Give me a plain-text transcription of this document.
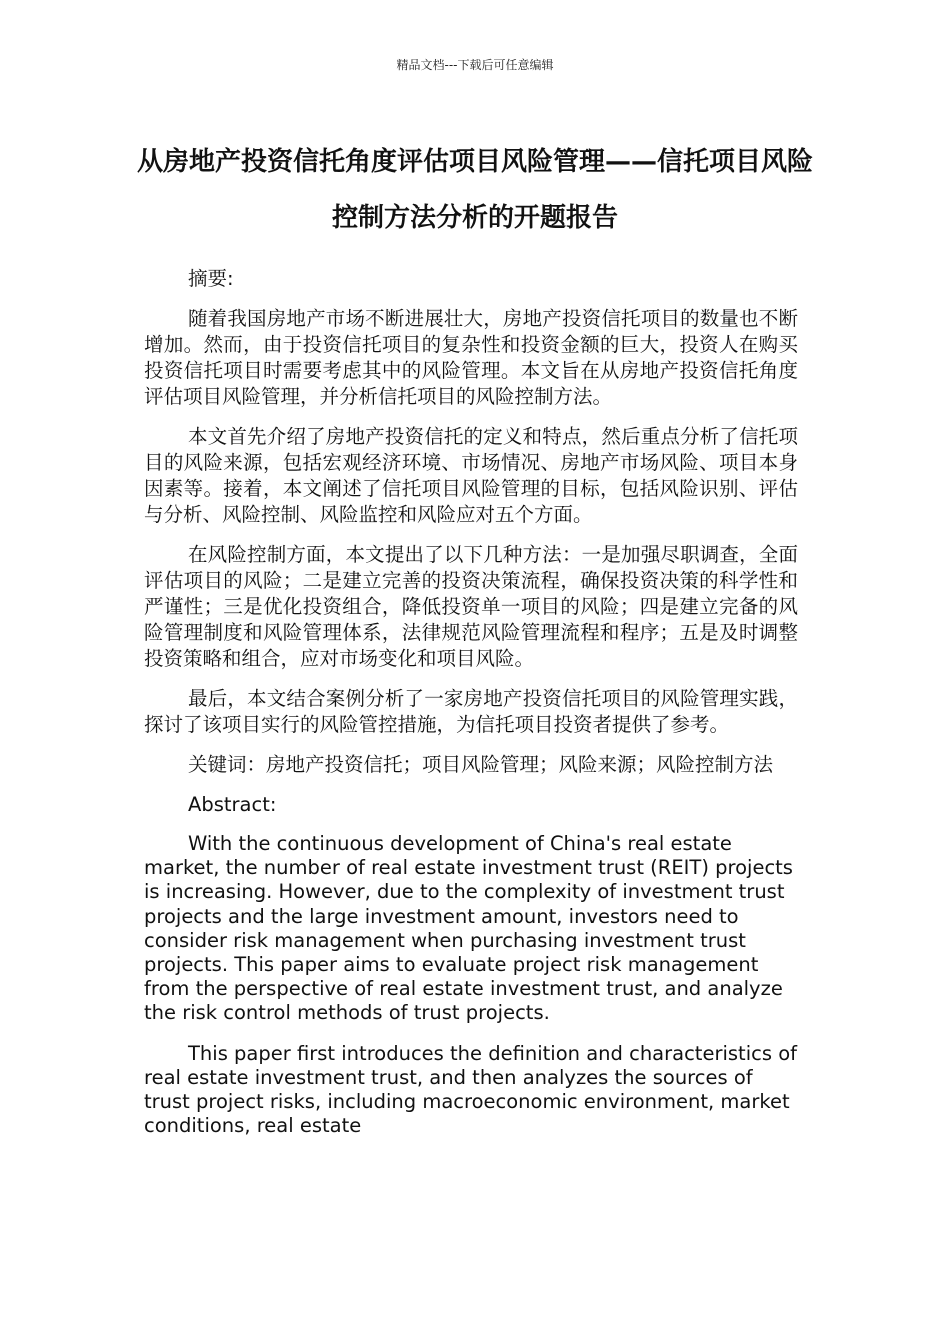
精品文档---下载后可任意编辑
从房地产投资信托角度评估项目风险管理——信托项目风险控制方法分析的开题报告

摘要:

随着我国房地产市场不断进展壮大，房地产投资信托项目的数量也不断增加。然而，由于投资信托项目的复杂性和投资金额的巨大，投资人在购买投资信托项目时需要考虑其中的风险管理。本文旨在从房地产投资信托角度评估项目风险管理，并分析信托项目的风险控制方法。

本文首先介绍了房地产投资信托的定义和特点，然后重点分析了信托项目的风险来源，包括宏观经济环境、市场情况、房地产市场风险、项目本身因素等。接着，本文阐述了信托项目风险管理的目标，包括风险识别、评估与分析、风险控制、风险监控和风险应对五个方面。

在风险控制方面，本文提出了以下几种方法：一是加强尽职调查，全面评估项目的风险；二是建立完善的投资决策流程，确保投资决策的科学性和严谨性；三是优化投资组合，降低投资单一项目的风险；四是建立完备的风险管理制度和风险管理体系，法律规范风险管理流程和程序；五是及时调整投资策略和组合，应对市场变化和项目风险。

最后，本文结合案例分析了一家房地产投资信托项目的风险管理实践，探讨了该项目实行的风险管控措施，为信托项目投资者提供了参考。

关键词：房地产投资信托；项目风险管理；风险来源；风险控制方法

Abstract:

With the continuous development of China's real estate market, the number of real estate investment trust (REIT) projects is increasing. However, due to the complexity of investment trust projects and the large investment amount, investors need to consider risk management when purchasing investment trust projects. This paper aims to evaluate project risk management from the perspective of real estate investment trust, and analyze the risk control methods of trust projects.

This paper first introduces the definition and characteristics of real estate investment trust, and then analyzes the sources of trust project risks, including macroeconomic environment, market conditions, real estate
